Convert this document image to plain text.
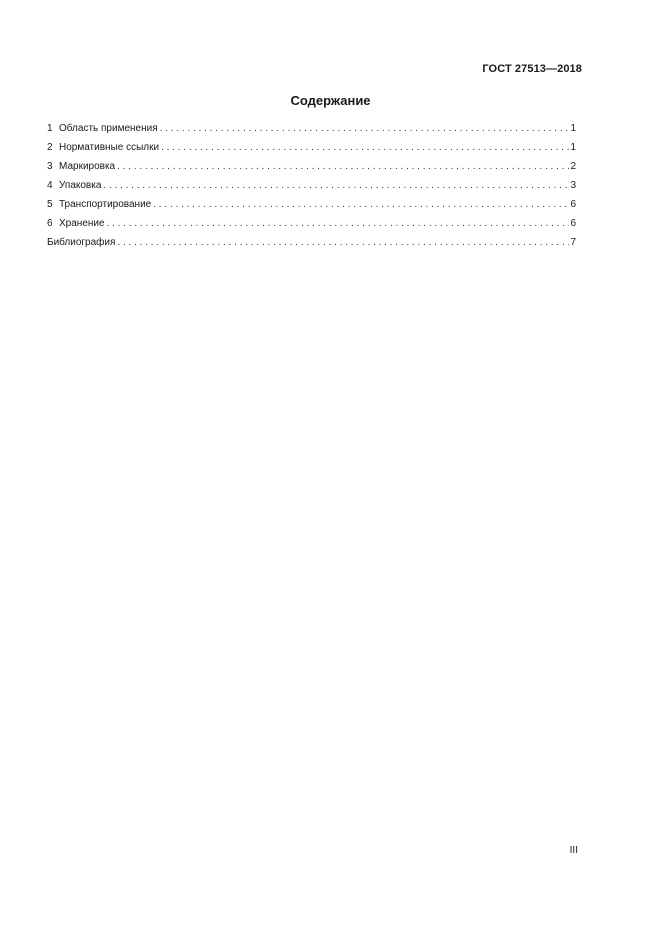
ГОСТ 27513—2018
Содержание
1 Область применения . . .	1
2 Нормативные ссылки . . .	1
3 Маркировка . . .	2
4 Упаковка . . .	3
5 Транспортирование . . .	6
6 Хранение . . .	6
Библиография . . .	7
III
